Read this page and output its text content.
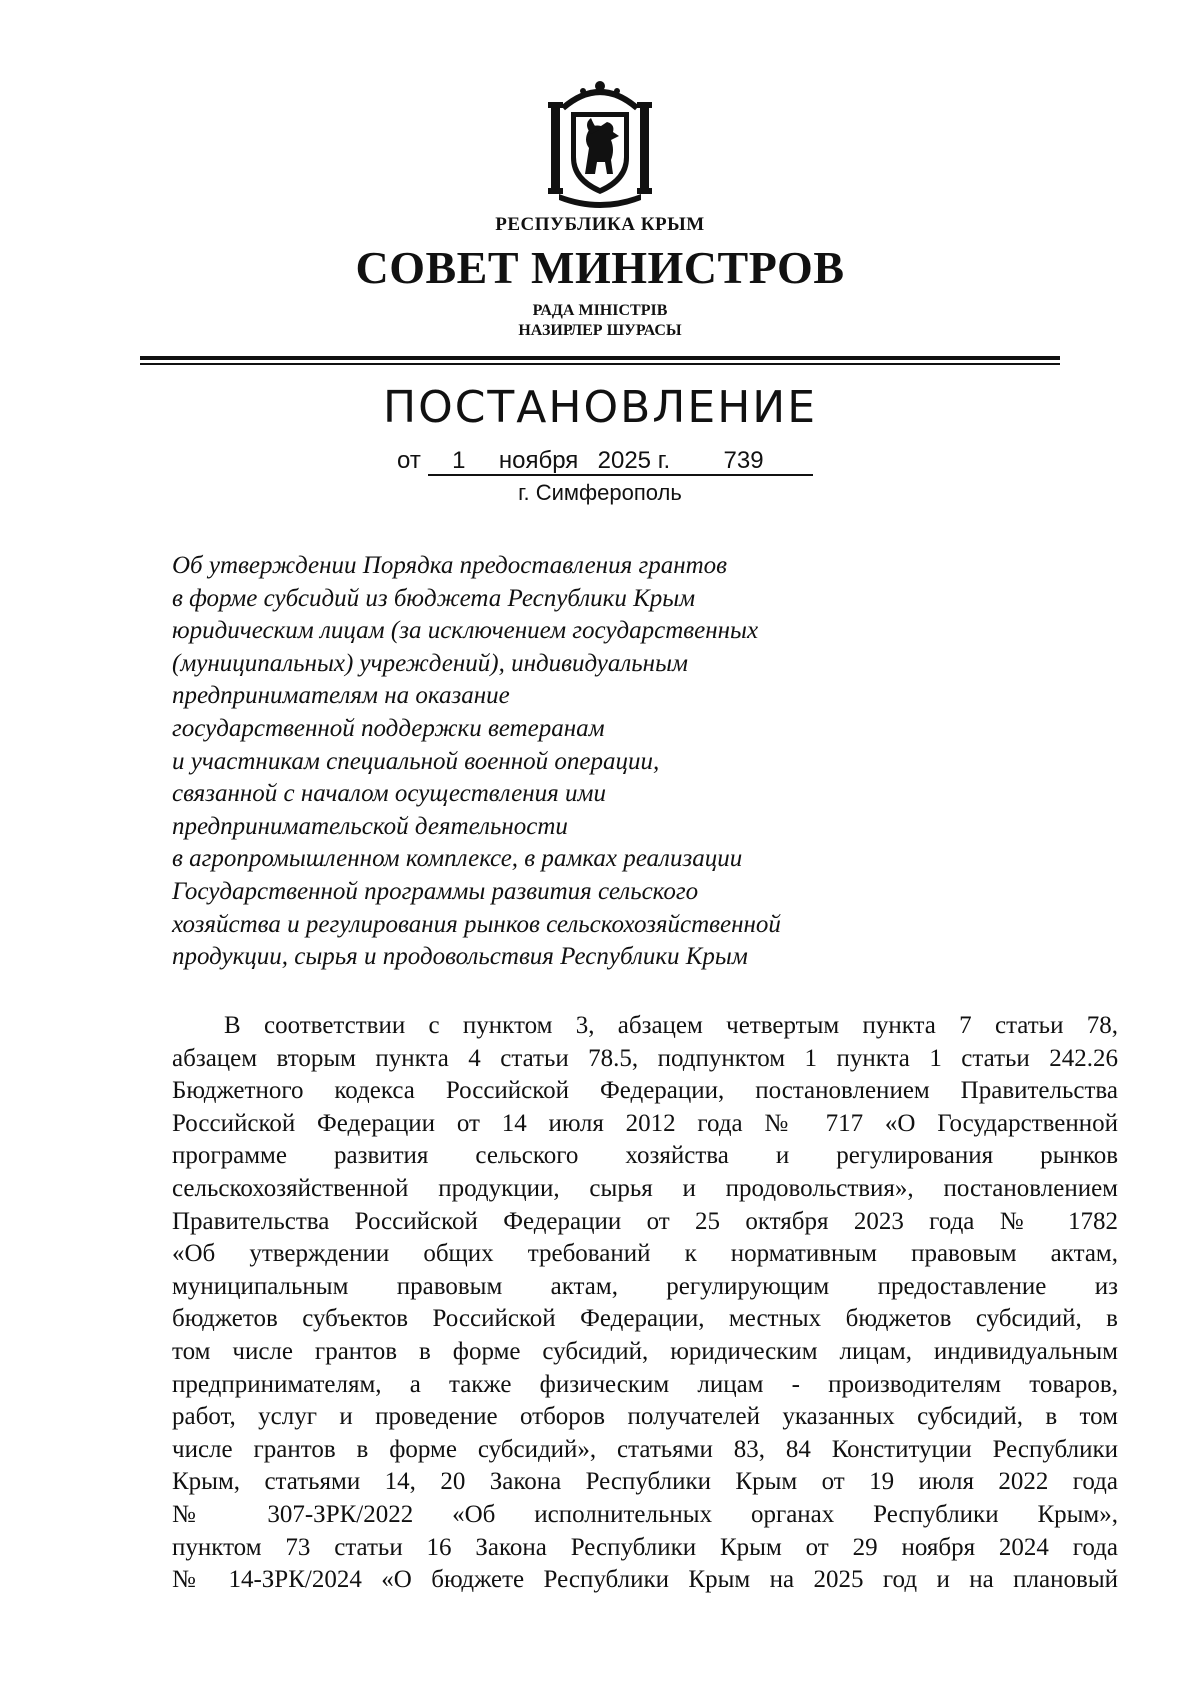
РЕСПУБЛИКА КРЫМ
СОВЕТ МИНИСТРОВ
РАДА МІНІСТРІВ
НАЗИРЛЕР ШУРАСЫ
ПОСТАНОВЛЕНИЕ
от 1 ноября 2025 г. 739
г. Симферополь
Об утверждении Порядка предоставления грантов
в форме субсидий из бюджета Республики Крым
юридическим лицам (за исключением государственных
(муниципальных) учреждений), индивидуальным
предпринимателям на оказание
государственной поддержки ветеранам
и участникам специальной военной операции,
связанной с началом осуществления ими
предпринимательской деятельности
в агропромышленном комплексе, в рамках реализации
Государственной программы развития сельского
хозяйства и регулирования рынков сельскохозяйственной
продукции, сырья и продовольствия Республики Крым
В соответствии с пунктом 3, абзацем четвертым пункта 7 статьи 78,
абзацем вторым пункта 4 статьи 78.5, подпунктом 1 пункта 1 статьи 242.26
Бюджетного кодекса Российской Федерации, постановлением Правительства
Российской Федерации от 14 июля 2012 года № 717 «О Государственной
программе развития сельского хозяйства и регулирования рынков
сельскохозяйственной продукции, сырья и продовольствия», постановлением
Правительства Российской Федерации от 25 октября 2023 года № 1782
«Об утверждении общих требований к нормативным правовым актам,
муниципальным правовым актам, регулирующим предоставление из
бюджетов субъектов Российской Федерации, местных бюджетов субсидий, в
том числе грантов в форме субсидий, юридическим лицам, индивидуальным
предпринимателям, а также физическим лицам - производителям товаров,
работ, услуг и проведение отборов получателей указанных субсидий, в том
числе грантов в форме субсидий», статьями 83, 84 Конституции Республики
Крым, статьями 14, 20 Закона Республики Крым от 19 июля 2022 года
№ 307-ЗРК/2022 «Об исполнительных органах Республики Крым»,
пунктом 73 статьи 16 Закона Республики Крым от 29 ноября 2024 года
№ 14-ЗРК/2024 «О бюджете Республики Крым на 2025 год и на плановый
